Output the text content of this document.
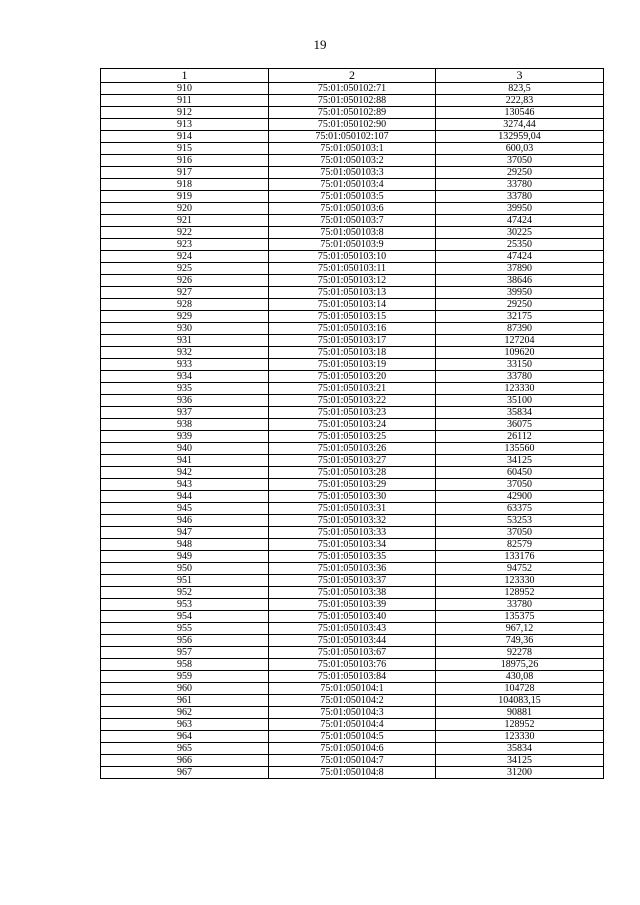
19
1	2	3
910	75:01:050102:71	823,5
911	75:01:050102:88	222,83
912	75:01:050102:89	130546
913	75:01:050102:90	3274,44
914	75:01:050102:107	132959,04
915	75:01:050103:1	600,03
916	75:01:050103:2	37050
917	75:01:050103:3	29250
918	75:01:050103:4	33780
919	75:01:050103:5	33780
920	75:01:050103:6	39950
921	75:01:050103:7	47424
922	75:01:050103:8	30225
923	75:01:050103:9	25350
924	75:01:050103:10	47424
925	75:01:050103:11	37890
926	75:01:050103:12	38646
927	75:01:050103:13	39950
928	75:01:050103:14	29250
929	75:01:050103:15	32175
930	75:01:050103:16	87390
931	75:01:050103:17	127204
932	75:01:050103:18	109620
933	75:01:050103:19	33150
934	75:01:050103:20	33780
935	75:01:050103:21	123330
936	75:01:050103:22	35100
937	75:01:050103:23	35834
938	75:01:050103:24	36075
939	75:01:050103:25	26112
940	75:01:050103:26	135560
941	75:01:050103:27	34125
942	75:01:050103:28	60450
943	75:01:050103:29	37050
944	75:01:050103:30	42900
945	75:01:050103:31	63375
946	75:01:050103:32	53253
947	75:01:050103:33	37050
948	75:01:050103:34	82579
949	75:01:050103:35	133176
950	75:01:050103:36	94752
951	75:01:050103:37	123330
952	75:01:050103:38	128952
953	75:01:050103:39	33780
954	75:01:050103:40	135375
955	75:01:050103:43	967,12
956	75:01:050103:44	749,36
957	75:01:050103:67	92278
958	75:01:050103:76	18975,26
959	75:01:050103:84	430,08
960	75:01:050104:1	104728
961	75:01:050104:2	104083,15
962	75:01:050104:3	90881
963	75:01:050104:4	128952
964	75:01:050104:5	123330
965	75:01:050104:6	35834
966	75:01:050104:7	34125
967	75:01:050104:8	31200
